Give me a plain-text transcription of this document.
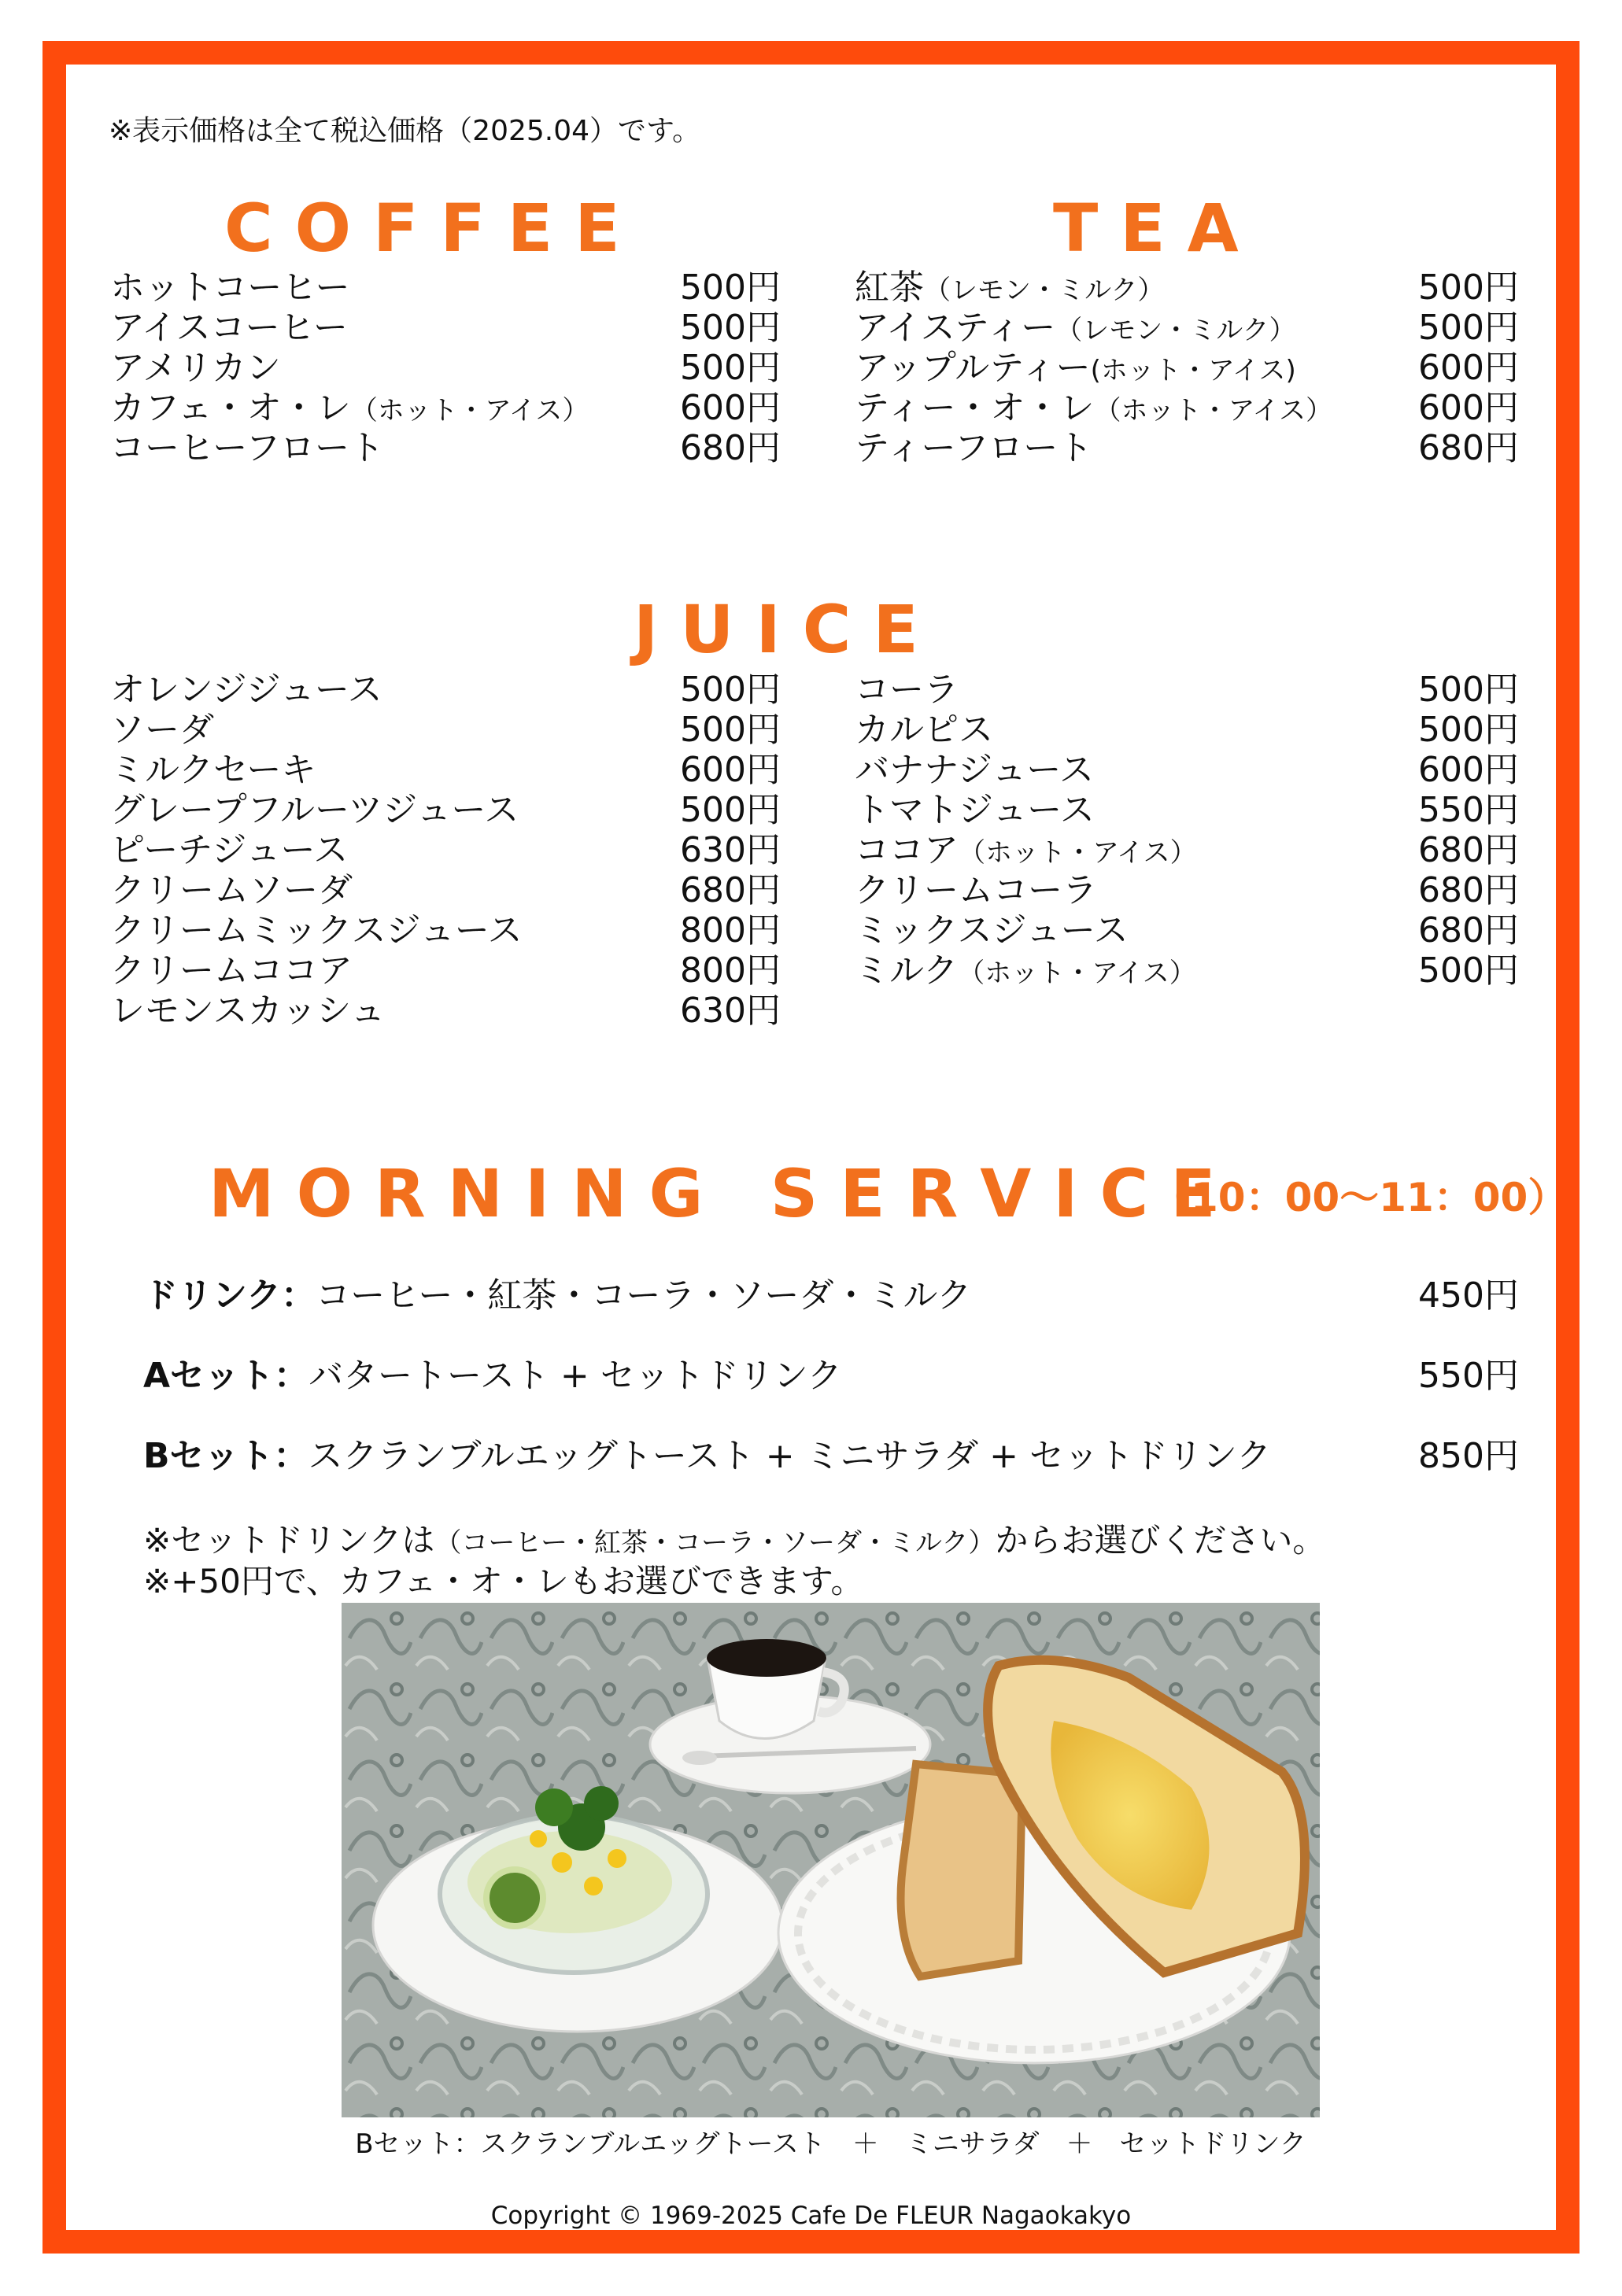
※表示価格は全て税込価格（2025.04）です。

COFFEE
ホットコーヒー	500円
アイスコーヒー	500円
アメリカン	500円
カフェ・オ・レ（ホット・アイス）	600円
コーヒーフロート	680円
TEA
紅茶（レモン・ミルク）	500円
アイスティー（レモン・ミルク）	500円
アップルティー(ホット・アイス)	600円
ティー・オ・レ（ホット・アイス） 600円
ティーフロート	680円
JUICE
オレンジジュース	500円
ソーダ	500円
ミルクセーキ	600円
グレープフルーツジュース	500円
ピーチジュース	630円
クリームソーダ	680円
クリームミックスジュース	800円
クリームココア	800円
レモンスカッシュ	630円
コーラ	500円
カルピス	500円
バナナジュース	600円
トマトジュース	550円
ココア（ホット・アイス）	680円
クリームコーラ	680円
ミックスジュース	680円
ミルク（ホット・アイス）	500円
MORNING SERVICE

（10：00〜11：00）

ドリンク：コーヒー・紅茶・コーラ・ソーダ・ミルク	450円
Aセット：バタートースト + セットドリンク	550円
Bセット：スクランブルエッグトースト + ミニサラダ + セットドリンク	850円

※セットドリンクは（コーヒー・紅茶・コーラ・ソーダ・ミルク）からお選びください。

※+50円で、カフェ・オ・レもお選びできます。

Bセット：スクランブルエッグトースト　＋　ミニサラダ　＋　セットドリンク

Copyright © 1969-2025 Cafe De FLEUR Nagaokakyo
